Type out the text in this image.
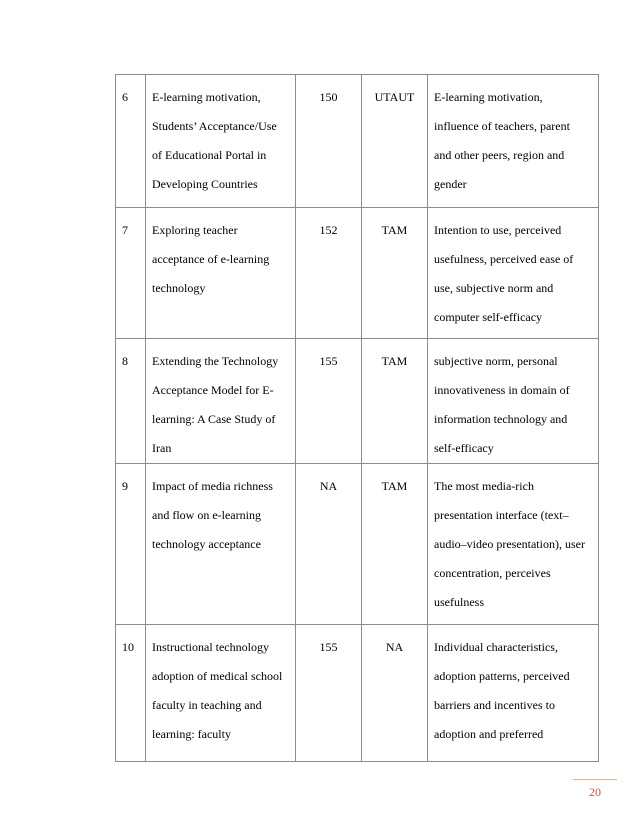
6	E-learning motivation,
Students’ Acceptance/Use
of Educational Portal in
Developing Countries	150	UTAUT	E-learning motivation,
influence of teachers, parent
and other peers, region and
gender

7	Exploring teacher
acceptance of e-learning
technology	152	TAM	Intention to use, perceived
usefulness, perceived ease of
use, subjective norm and
computer self-efficacy

8	Extending the Technology
Acceptance Model for E-
learning: A Case Study of
Iran	155	TAM	subjective norm, personal
innovativeness in domain of
information technology and
self-efficacy

9	Impact of media richness
and flow on e-learning
technology acceptance	NA	TAM	The most media-rich
presentation interface (text–
audio–video presentation), user
concentration, perceives
usefulness

10	Instructional technology
adoption of medical school
faculty in teaching and
learning: faculty	155	NA	Individual characteristics,
adoption patterns, perceived
barriers and incentives to
adoption and preferred
20
